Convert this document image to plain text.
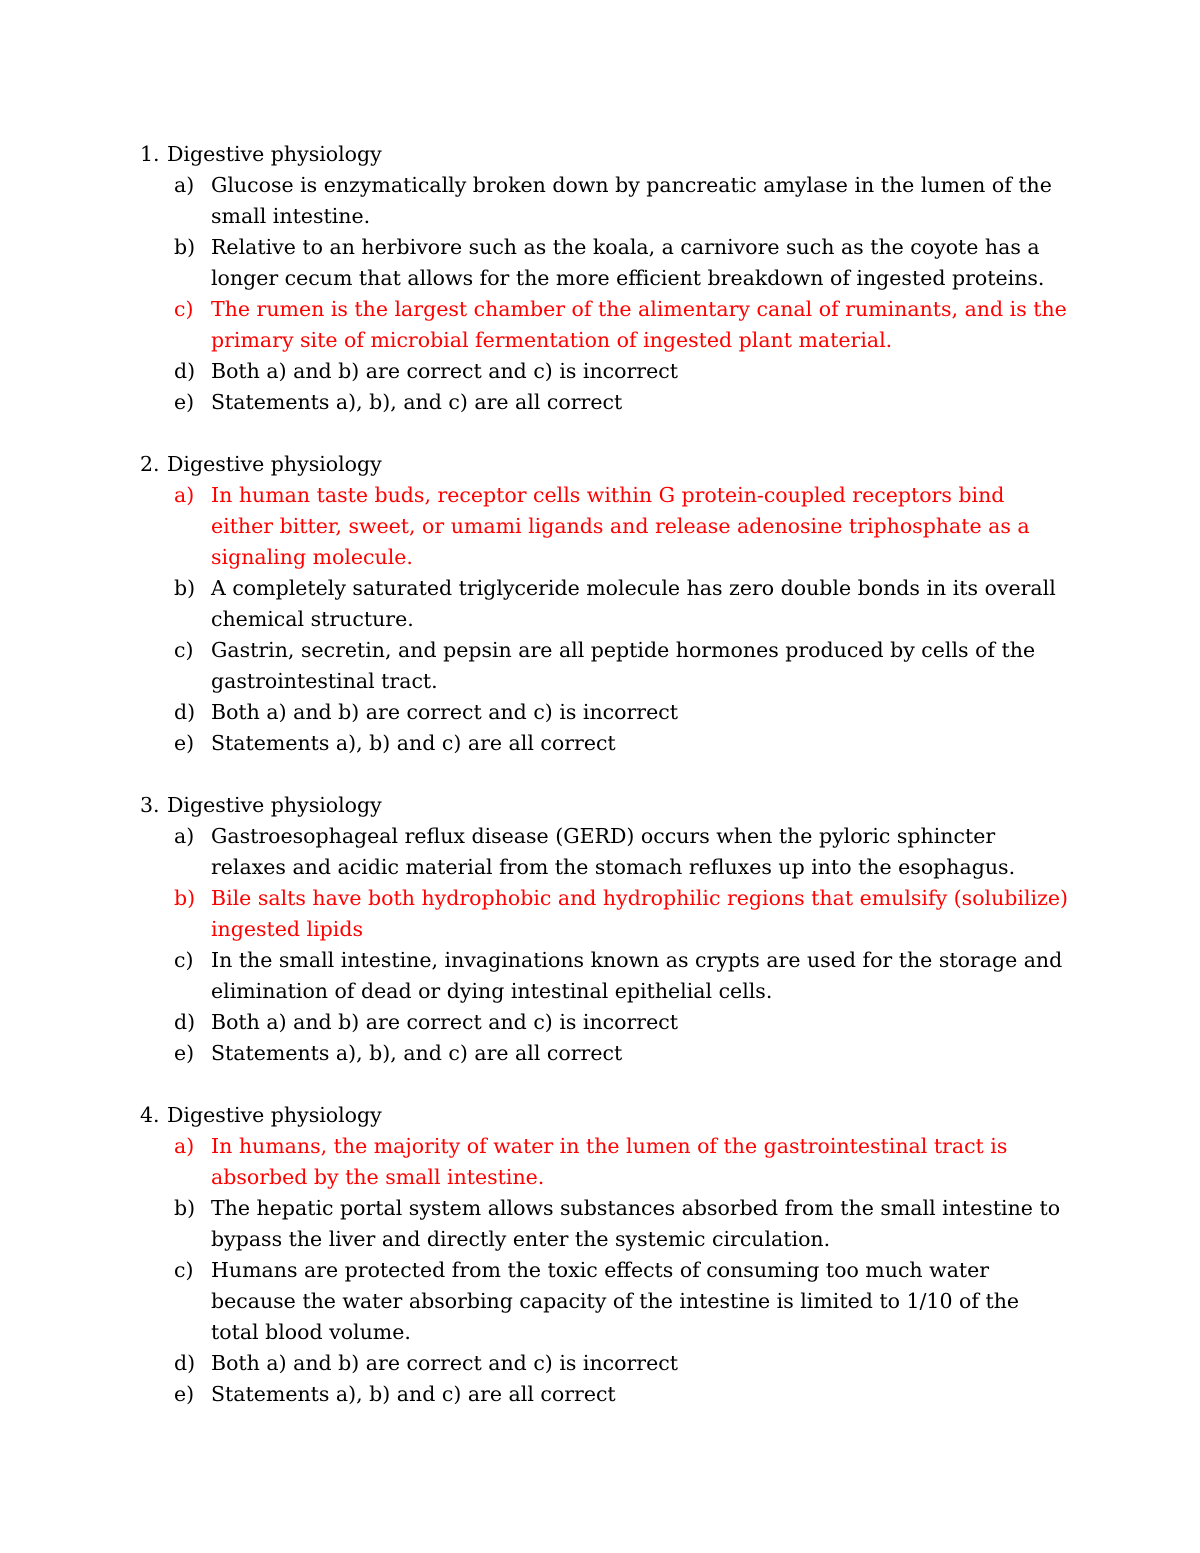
1. Digestive physiology
a) Glucose is enzymatically broken down by pancreatic amylase in the lumen of the small intestine.
b) Relative to an herbivore such as the koala, a carnivore such as the coyote has a longer cecum that allows for the more efficient breakdown of ingested proteins.
c) The rumen is the largest chamber of the alimentary canal of ruminants, and is the primary site of microbial fermentation of ingested plant material.
d) Both a) and b) are correct and c) is incorrect
e) Statements a), b), and c) are all correct
2. Digestive physiology
a) In human taste buds, receptor cells within G protein-coupled receptors bind either bitter, sweet, or umami ligands and release adenosine triphosphate as a signaling molecule.
b) A completely saturated triglyceride molecule has zero double bonds in its overall chemical structure.
c) Gastrin, secretin, and pepsin are all peptide hormones produced by cells of the gastrointestinal tract.
d) Both a) and b) are correct and c) is incorrect
e) Statements a), b) and c) are all correct
3. Digestive physiology
a) Gastroesophageal reflux disease (GERD) occurs when the pyloric sphincter relaxes and acidic material from the stomach refluxes up into the esophagus.
b) Bile salts have both hydrophobic and hydrophilic regions that emulsify (solubilize) ingested lipids
c) In the small intestine, invaginations known as crypts are used for the storage and elimination of dead or dying intestinal epithelial cells.
d) Both a) and b) are correct and c) is incorrect
e) Statements a), b), and c) are all correct
4. Digestive physiology
a) In humans, the majority of water in the lumen of the gastrointestinal tract is absorbed by the small intestine.
b) The hepatic portal system allows substances absorbed from the small intestine to bypass the liver and directly enter the systemic circulation.
c) Humans are protected from the toxic effects of consuming too much water because the water absorbing capacity of the intestine is limited to 1/10 of the total blood volume.
d) Both a) and b) are correct and c) is incorrect
e) Statements a), b) and c) are all correct
